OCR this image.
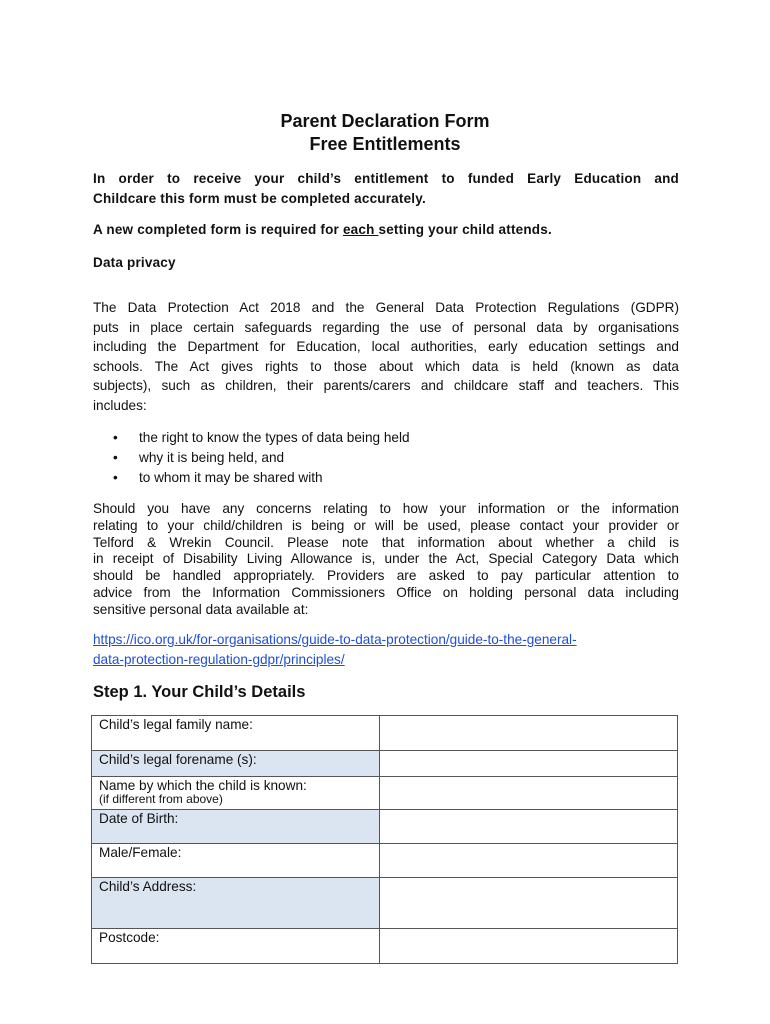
Parent Declaration Form
Free Entitlements
In order to receive your child’s entitlement to funded Early Education and
Childcare this form must be completed accurately.
A new completed form is required for each setting your child attends.
Data privacy
The Data Protection Act 2018 and the General Data Protection Regulations (GDPR)
puts in place certain safeguards regarding the use of personal data by organisations
including the Department for Education, local authorities, early education settings and
schools. The Act gives rights to those about which data is held (known as data
subjects), such as children, their parents/carers and childcare staff and teachers. This
includes:
• the right to know the types of data being held
• why it is being held, and
• to whom it may be shared with
Should you have any concerns relating to how your information or the information
relating to your child/children is being or will be used, please contact your provider or
Telford & Wrekin Council. Please note that information about whether a child is
in receipt of Disability Living Allowance is, under the Act, Special Category Data which
should be handled appropriately. Providers are asked to pay particular attention to
advice from the Information Commissioners Office on holding personal data including
sensitive personal data available at:
https://ico.org.uk/for-organisations/guide-to-data-protection/guide-to-the-general-
data-protection-regulation-gdpr/principles/
Step 1. Your Child’s Details
Child’s legal family name:	
Child’s legal forename (s):	
Name by which the child is known:
(if different from above)	

Date of Birth:	
Male/Female:	
Child’s Address:	
Postcode:	
